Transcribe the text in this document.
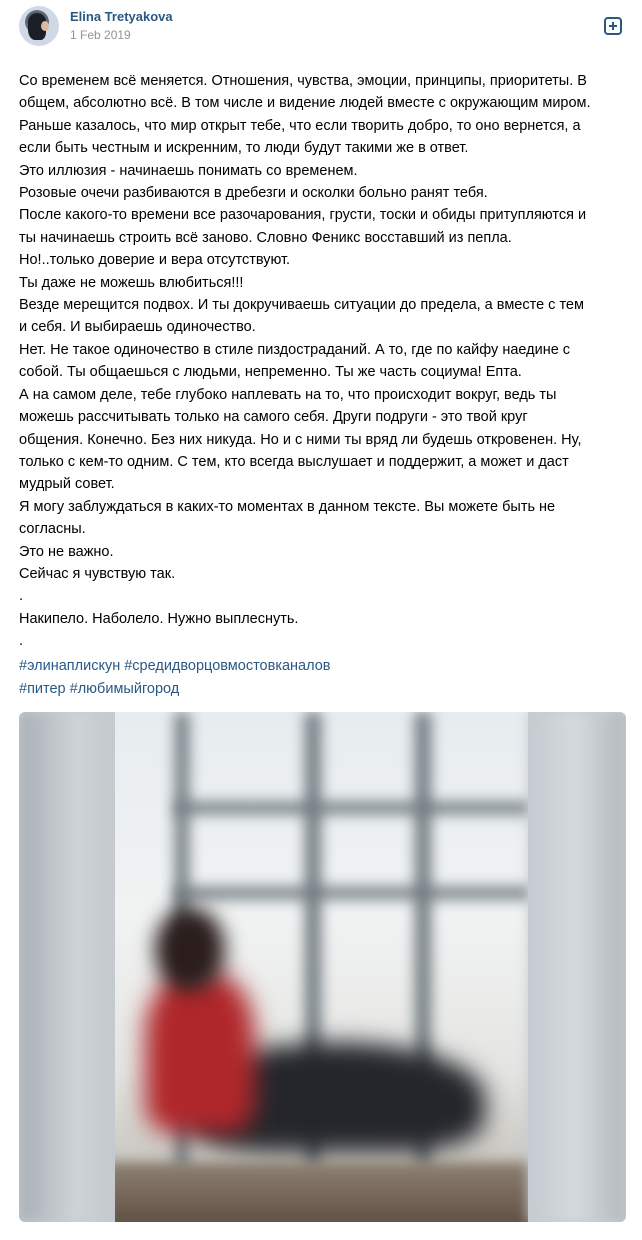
Elina Tretyakova
1 Feb 2019
Со временем всё меняется. Отношения, чувства, эмоции, принципы, приоритеты. В
общем, абсолютно всё. В том числе и видение людей вместе с окружающим миром.
Раньше казалось, что мир открыт тебе, что если творить добро, то оно вернется, а
если быть честным и искренним, то люди будут такими же в ответ.
Это иллюзия - начинаешь понимать со временем.
Розовые очечи разбиваются в дребезги и осколки больно ранят тебя.
После какого-то времени все разочарования, грусти, тоски и обиды притупляются и
ты начинаешь строить всё заново. Словно Феникс восставший из пепла.
Но!..только доверие и вера отсутствуют.
Ты даже не можешь влюбиться!!!
Везде мерещится подвох. И ты докручиваешь ситуации до предела, а вместе с тем
и себя. И выбираешь одиночество.
Нет. Не такое одиночество в стиле пиздостраданий. А то, где по кайфу наедине с
собой. Ты общаешься с людьми, непременно. Ты же часть социума! Епта.
А на самом деле, тебе глубоко наплевать на то, что происходит вокруг, ведь ты
можешь рассчитывать только на самого себя. Други подруги - это твой круг
общения. Конечно. Без них никуда. Но и с ними ты вряд ли будешь откровенен. Ну,
только с кем-то одним. С тем, кто всегда выслушает и поддержит, а может и даст
мудрый совет.
Я могу заблуждаться в каких-то моментах в данном тексте. Вы можете быть не
согласны.
Это не важно.
Сейчас я чувствую так.
.
Накипело. Наболело. Нужно выплеснуть.
.
#элинаплискун #средидворцовмостовканалов
#питер #любимыйгород
